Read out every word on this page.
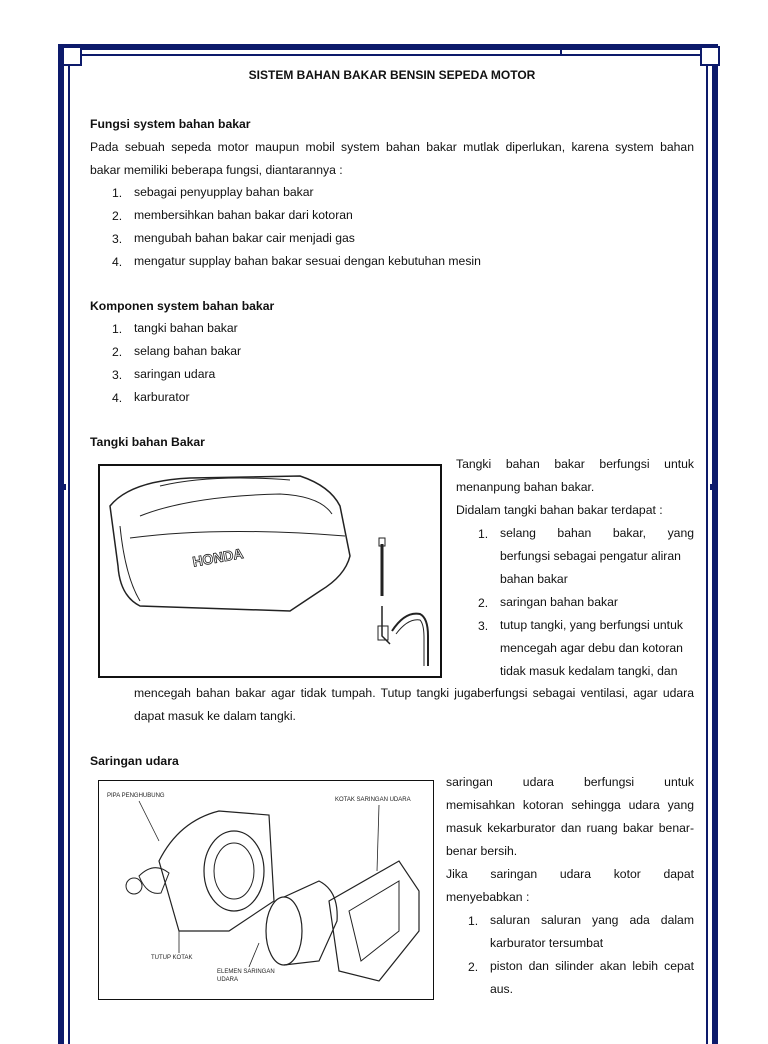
SISTEM BAHAN BAKAR BENSIN SEPEDA MOTOR
Fungsi system bahan bakar
Pada sebuah sepeda motor maupun mobil system bahan bakar mutlak diperlukan, karena system bahan
bakar memiliki beberapa fungsi, diantarannya :
1. sebagai penyupplay bahan bakar
2. membersihkan bahan bakar dari kotoran
3. mengubah bahan bakar cair menjadi gas
4. mengatur supplay bahan bakar sesuai dengan kebutuhan mesin
Komponen system bahan bakar
1. tangki bahan bakar
2. selang bahan bakar
3. saringan udara
4. karburator
Tangki bahan Bakar
HONDA
Tangki bahan bakar berfungsi untuk
menanpung bahan bakar.
Didalam tangki bahan bakar terdapat :
1. selang bahan bakar, yang
berfungsi sebagai pengatur aliran
bahan bakar
2. saringan bahan bakar
3. tutup tangki, yang berfungsi untuk
mencegah agar debu dan kotoran
tidak masuk kedalam tangki, dan
mencegah bahan bakar agar tidak tumpah. Tutup tangki jugaberfungsi sebagai ventilasi, agar udara
dapat masuk ke dalam tangki.
Saringan udara
PIPA PENGHUBUNG
KOTAK SARINGAN UDARA
TUTUP KOTAK
ELEMEN SARINGAN
UDARA
saringan udara berfungsi untuk
memisahkan kotoran sehingga udara yang
masuk kekarburator dan ruang bakar benar-
benar bersih.
Jika saringan udara kotor dapat
menyebabkan :
1. saluran saluran yang ada dalam
karburator tersumbat
2. piston dan silinder akan lebih cepat
aus.
